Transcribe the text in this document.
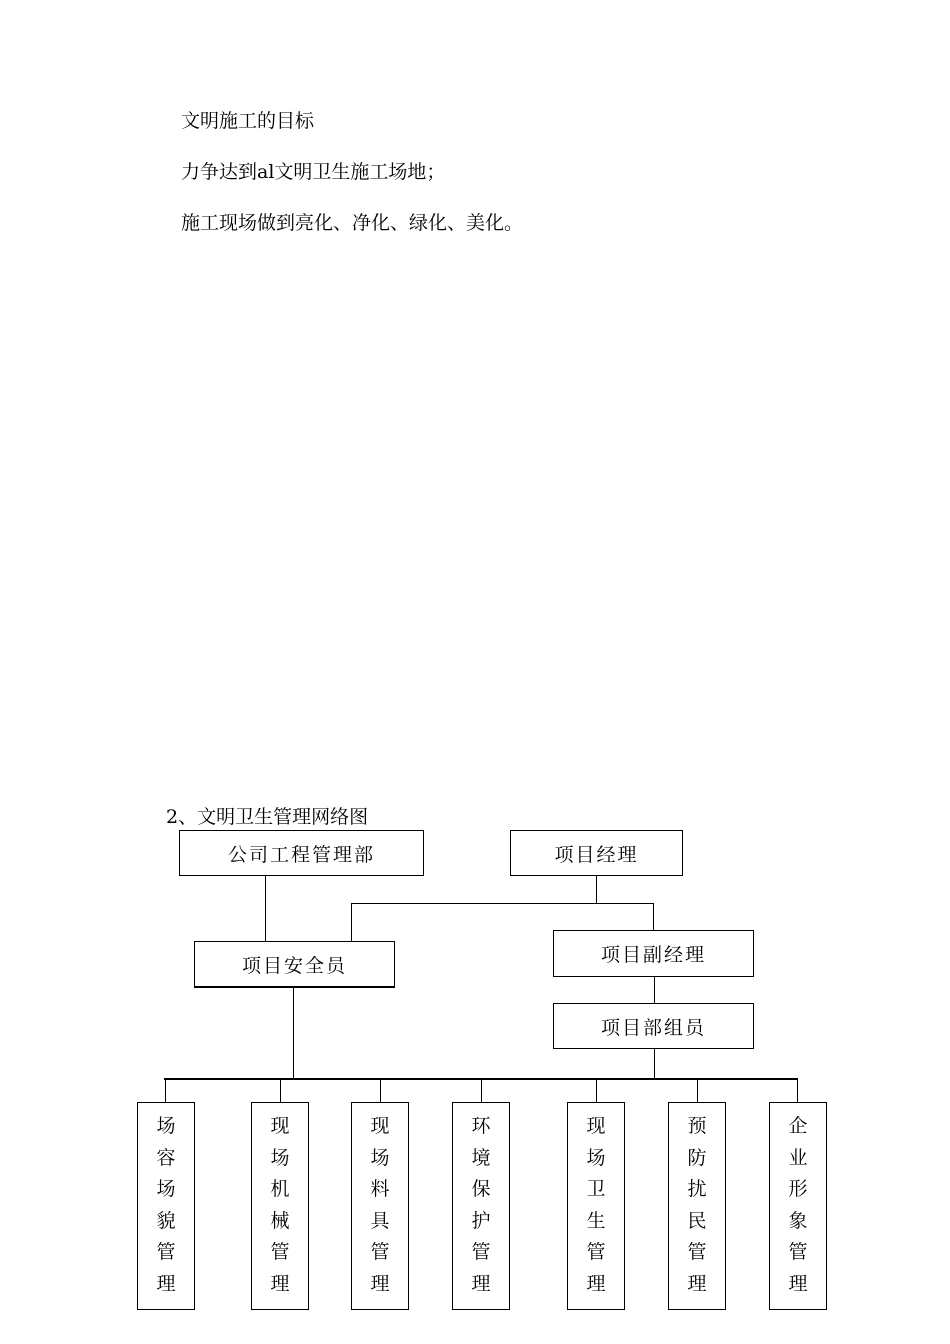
文明施工的目标
力争达到al文明卫生施工场地；
施工现场做到亮化、净化、绿化、美化。
2、文明卫生管理网络图
公司工程管理部	项目经理
项目安全员	项目副经理
项目部组员
场
容
场
貌
管
理
现
场
机
械
管
理
现
场
料
具
管
理
环
境
保
护
管
理
现
场
卫
生
管
理
预
防
扰
民
管
理
企
业
形
象
管
理
